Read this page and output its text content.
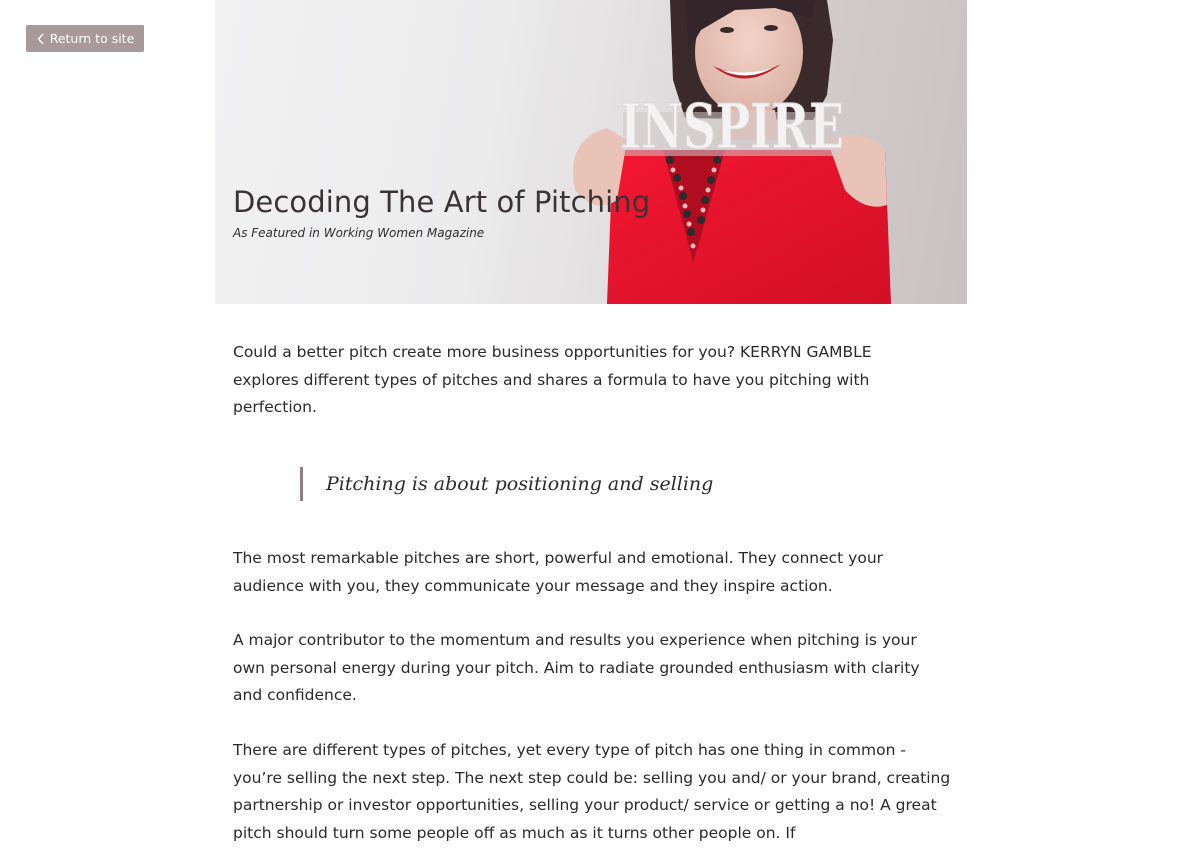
Return to site
INSPIRE
Decoding The Art of Pitching

As Featured in Working Women Magazine

Could a better pitch create more business opportunities for you? KERRYN GAMBLE explores different types of pitches and shares a formula to have you pitching with perfection.

Pitching is about positioning and selling

The most remarkable pitches are short, powerful and emotional. They connect your audience with you, they communicate your message and they inspire action.

A major contributor to the momentum and results you experience when pitching is your own personal energy during your pitch. Aim to radiate grounded enthusiasm with clarity and confidence.

There are different types of pitches, yet every type of pitch has one thing in common - you’re selling the next step. The next step could be: selling you and/ or your brand, creating partnership or investor opportunities, selling your product/ service or getting a no! A great pitch should turn some people off as much as it turns other people on. If
